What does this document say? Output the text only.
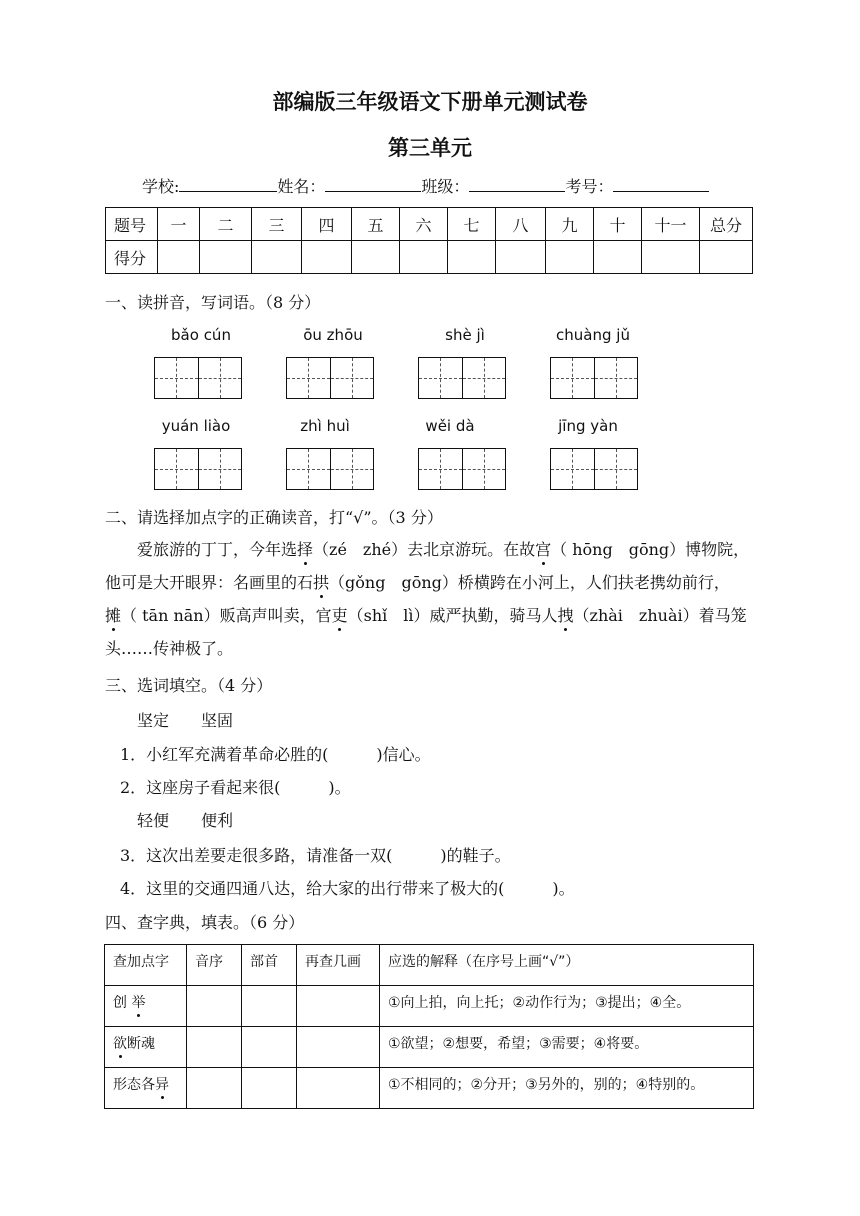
部编版三年级语文下册单元测试卷
第三单元
学校:	姓名：	班级：	考号：
题号	一	二	三	四	五	六	七	八	九	十	十一	总分
得分												
一、读拼音，写词语。（8 分）
bǎo cún	ōu zhōu	shè jì	chuàng jǔ
yuán liào	zhì huì	wěi dà	jīng yàn
二、请选择加点字的正确读音，打“√”。（3 分）
爱旅游的丁丁，今年选择（zé　zhé）去北京游玩。在故宫（ hōng　gōng）博物院，
他可是大开眼界：名画里的石拱（gǒng　gōng）桥横跨在小河上，人们扶老携幼前行，
摊（ tān nān）贩高声叫卖，官吏（shǐ　lì）威严执勤，骑马人拽（zhài　zhuài）着马笼
头……传神极了。
三、选词填空。（4 分）
坚定　　坚固
1．小红军充满着革命必胜的(　　　)信心。
2．这座房子看起来很(　　　)。
轻便　　便利
3．这次出差要走很多路，请准备一双(　　　)的鞋子。
4．这里的交通四通八达，给大家的出行带来了极大的(　　　)。
四、查字典，填表。（6 分）
查加点字	音序	部首	再查几画	应选的解释（在序号上画“√”）
创 举				①向上拍，向上托；②动作行为；③提出；④全。
欲断魂				①欲望；②想要，希望；③需要；④将要。
形态各异				①不相同的；②分开；③另外的，别的；④特别的。
